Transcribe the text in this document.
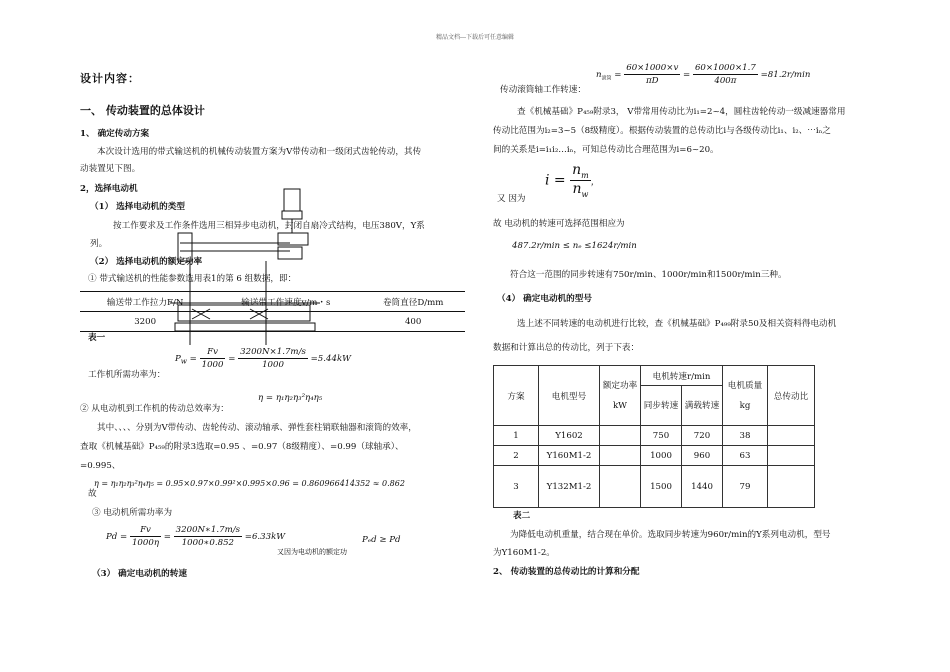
精品文档---下载后可任意编辑
设计内容：
一、 传动装置的总体设计
1、 确定传动方案
本次设计选用的带式输送机的机械传动装置方案为V带传动和一级闭式齿轮传动，其传
动装置见下图。
2，选择电动机
（1） 选择电动机的类型
按工作要求及工作条件选用三相异步电动机，封闭自扇冷式结构，电压380V，Y系
列。
（2） 选择电动机的额定功率
① 带式输送机的性能参数选用表1的第 6 组数据，即：
输送带工作拉力F/N	输送带工作速度v/m・s	卷筒直径D/mm
3200		400
表一
$P_w = \frac{Fv}{1000} = \frac{3200N\times 1.7m/s}{1000} =5.44kW$
工作机所需功率为：
η = η₁η₂η₃²η₄η₅
② 从电动机到工作机的传动总效率为：
其中、、、、分别为V带传动、齿轮传动、滚动轴承、弹性套柱销联轴器和滚筒的效率，
查取《机械基础》P₄₅₉的附录3选取=0.95 、=0.97（8级精度）、=0.99（球轴承）、
=0.995、
η = η₁η₂η₃²η₄η₅ = 0.95×0.97×0.99²×0.995×0.96 = 0.860966414352 ≈ 0.862
故
③ 电动机所需功率为
$Pd = \frac{Fv}{1000\eta} = \frac{3200N∗1.7m/s}{1000∗0.852} =6.33kW$
又因为电动机的额定功
Pₑd ≥ Pd
（3） 确定电动机的转速
$n_{滚筒} = \frac{60\times 1000\times v}{\pi D} = \frac{60\times 1000\times 1.7}{400\pi} =81.2r/\min$
传动滚筒轴工作转速：
查《机械基础》P₄₅₉附录3， V带常用传动比为i₁=2~4，圆柱齿轮传动一级减速器常用
传动比范围为i₂=3~5（8级精度）。根据传动装置的总传动比i与各级传动比i₁、i₂、⋯iₙ之
间的关系是i=i₁i₂…iₙ，可知总传动比合理范围为i=6~20。
$i = \frac{n_m}{n_w}$ ，
又 因为
故 电动机的转速可选择范围相应为
487.2r/min ≤ nₑ ≤1624r/min
符合这一范围的同步转速有750r/min、1000r/min和1500r/min三种。
（4） 确定电动机的型号
选上述不同转速的电动机进行比较，查《机械基础》P₄₉₉附录50及相关资料得电动机
数据和计算出总的传动比，列于下表：
方案	电机型号	额定功率kW	电机转速r/min		电机质量kg	总传动比
			同步转速	满载转速		
1	Y1602		750	720	38	
2	Y160M1-2		1000	960	63	
3	Y132M1-2		1500	1440	79	
表二
为降低电动机重量，结合现在单价。选取同步转速为960r/min的Y系列电动机，型号
为Y160M1-2。
2、 传动装置的总传动比的计算和分配
